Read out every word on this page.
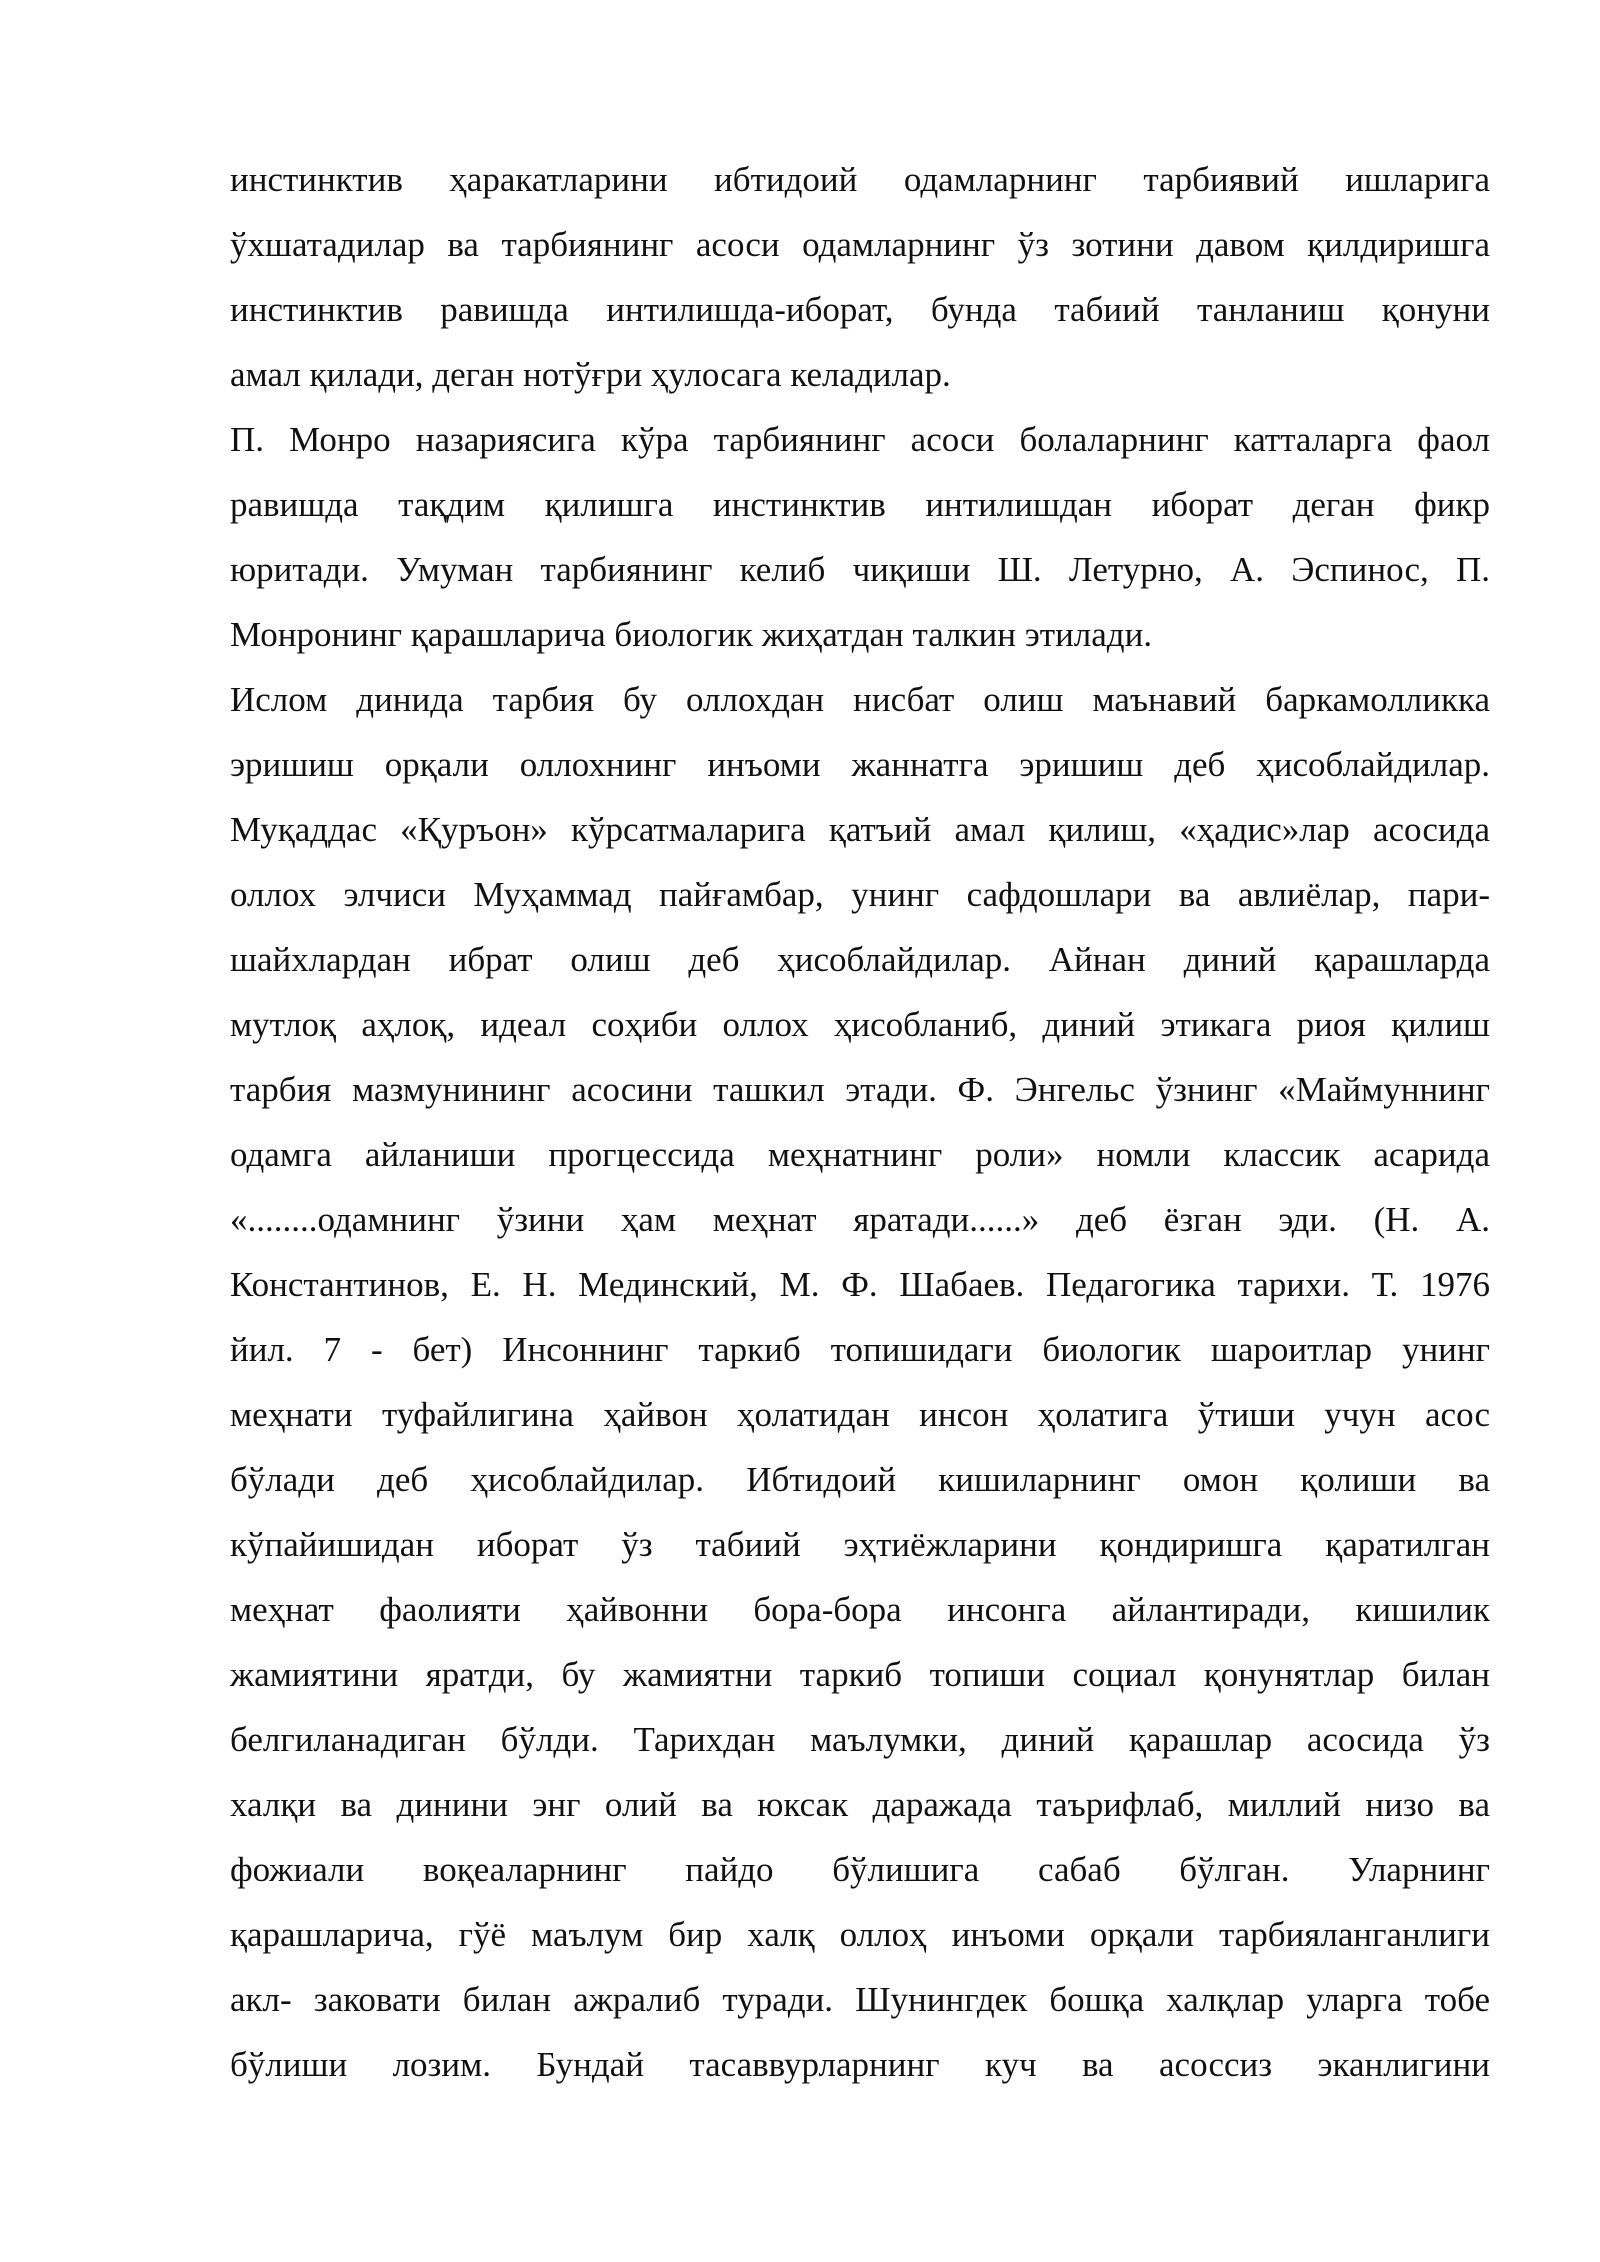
инстинктив ҳаракатларини ибтидоий одамларнинг тарбиявий ишларига
ўхшатадилар ва тарбиянинг асоси одамларнинг ўз зотини давом қилдиришга
инстинктив равишда интилишда-иборат, бунда табиий танланиш қонуни
амал қилади, деган нотўғри ҳулосага келадилар.
П. Монро назариясига кўра тарбиянинг асоси болаларнинг катталарга фаол
равишда тақдим қилишга инстинктив интилишдан иборат деган фикр
юритади. Умуман тарбиянинг келиб чиқиши Ш. Летурно, А. Эспинос, П.
Монронинг қарашларича биологик жиҳатдан талкин этилади.
Ислом динида тарбия бу оллохдан нисбат олиш маънавий баркамолликка
эришиш орқали оллохнинг инъоми жаннатга эришиш деб ҳисоблайдилар.
Муқаддас «Қуръон» кўрсатмаларига қатъий амал қилиш, «ҳадис»лар асосида
оллох элчиси Муҳаммад пайғамбар, унинг сафдошлари ва авлиёлар, пари-
шайхлардан ибрат олиш деб ҳисоблайдилар. Айнан диний қарашларда
мутлоқ аҳлоқ, идеал соҳиби оллох ҳисобланиб, диний этикага риоя қилиш
тарбия мазмунининг асосини ташкил этади. Ф. Энгельс ўзнинг «Маймуннинг
одамга айланиши прогцессида меҳнатнинг роли» номли классик асарида
«........одамнинг ўзини ҳам меҳнат яратади......» деб ёзган эди. (Н. А.
Константинов, Е. Н. Мединский, М. Ф. Шабаев. Педагогика тарихи. Т. 1976
йил. 7 - бет) Инсоннинг таркиб топишидаги биологик шароитлар унинг
меҳнати туфайлигина ҳайвон ҳолатидан инсон ҳолатига ўтиши учун асос
бўлади деб ҳисоблайдилар. Ибтидоий кишиларнинг омон қолиши ва
кўпайишидан иборат ўз табиий эҳтиёжларини қондиришга қаратилган
меҳнат фаолияти ҳайвонни бора-бора инсонга айлантиради, кишилик
жамиятини яратди, бу жамиятни таркиб топиши социал қонунятлар билан
белгиланадиган бўлди. Тарихдан маълумки, диний қарашлар асосида ўз
халқи ва динини энг олий ва юксак даражада таърифлаб, миллий низо ва
фожиали воқеаларнинг пайдо бўлишига сабаб бўлган. Уларнинг
қарашларича, гўё маълум бир халқ оллоҳ инъоми орқали тарбияланганлиги
акл- заковати билан ажралиб туради. Шунингдек бошқа халқлар уларга тобе
бўлиши лозим. Бундай тасаввурларнинг куч ва асоссиз эканлигини
